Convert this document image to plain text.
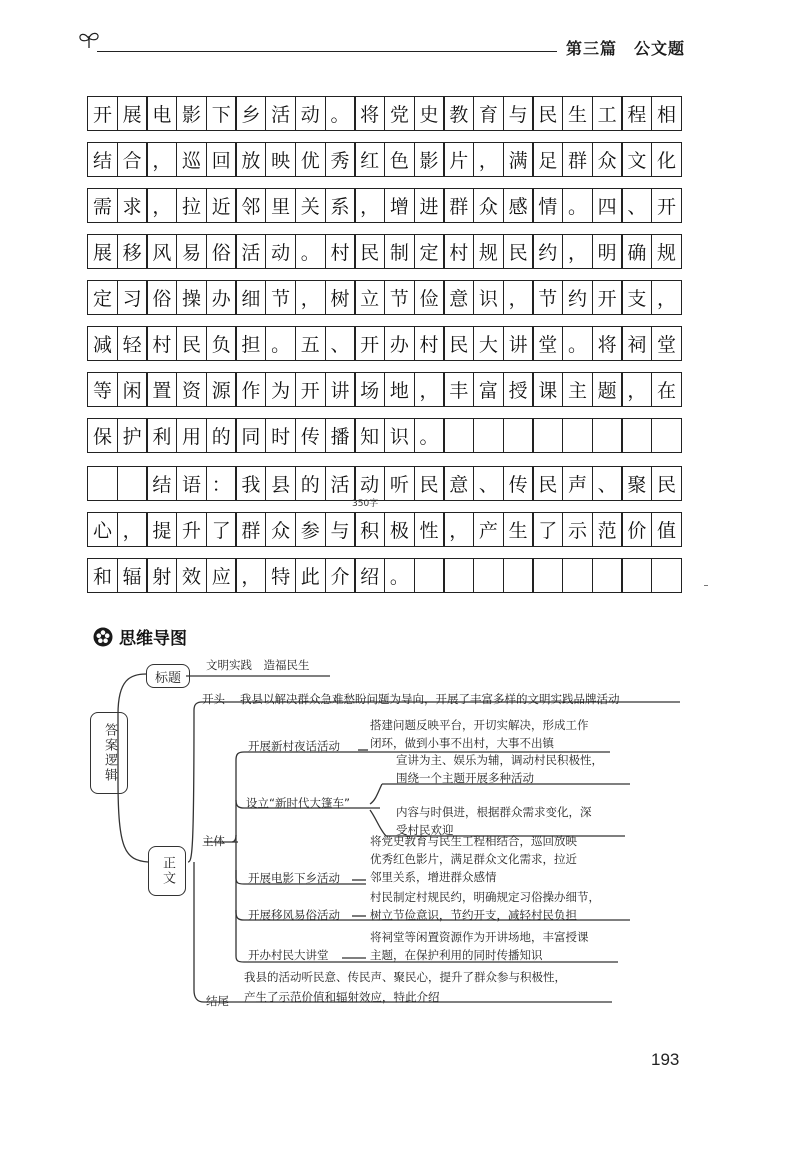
第三篇　公文题
开 展 电 影 下 乡 活 动 。 将 党 史 教 育 与 民 生 工 程 相
结 合 ， 巡 回 放 映 优 秀 红 色 影 片 ， 满 足 群 众 文 化
需 求 ， 拉 近 邻 里 关 系 ， 增 进 群 众 感 情 。 四 、 开
展 移 风 易 俗 活 动 。 村 民 制 定 村 规 民 约 ， 明 确 规
定 习 俗 操 办 细 节 ， 树 立 节 俭 意 识 ， 节 约 开 支 ，
减 轻 村 民 负 担 。 五 、 开 办 村 民 大 讲 堂 。 将 祠 堂
等 闲 置 资 源 作 为 开 讲 场 地 ， 丰 富 授 课 主 题 ， 在
保 护 利 用 的 同 时 传 播 知 识 。
结 语 ： 我 县 的 活 动 听 民 意 、 传 民 声 、 聚 民
心 ， 提 升 了 群 众 参 与 积 极 性 ， 产 生 了 示 范 价 值
和 辐 射 效 应 ， 特 此 介 绍 。
350字
思维导图
答案逻辑
标题
文明实践　造福民生
开头 我县以解决群众急难愁盼问题为导向，开展了丰富多样的文明实践品牌活动
正文
主体
开展新村夜话活动
搭建问题反映平台，开切实解决，形成工作
闭环，做到小事不出村，大事不出镇
设立“新时代大篷车”
宣讲为主、娱乐为辅，调动村民积极性，
围绕一个主题开展多种活动
内容与时俱进，根据群众需求变化，深
受村民欢迎
开展电影下乡活动
将党史教育与民生工程相结合，巡回放映
优秀红色影片，满足群众文化需求，拉近
邻里关系，增进群众感情
开展移风易俗活动
村民制定村规民约，明确规定习俗操办细节，
树立节俭意识，节约开支，减轻村民负担
开办村民大讲堂
将祠堂等闲置资源作为开讲场地，丰富授课
主题，在保护利用的同时传播知识
结尾
我县的活动听民意、传民声、聚民心，提升了群众参与积极性，
产生了示范价值和辐射效应，特此介绍
193
